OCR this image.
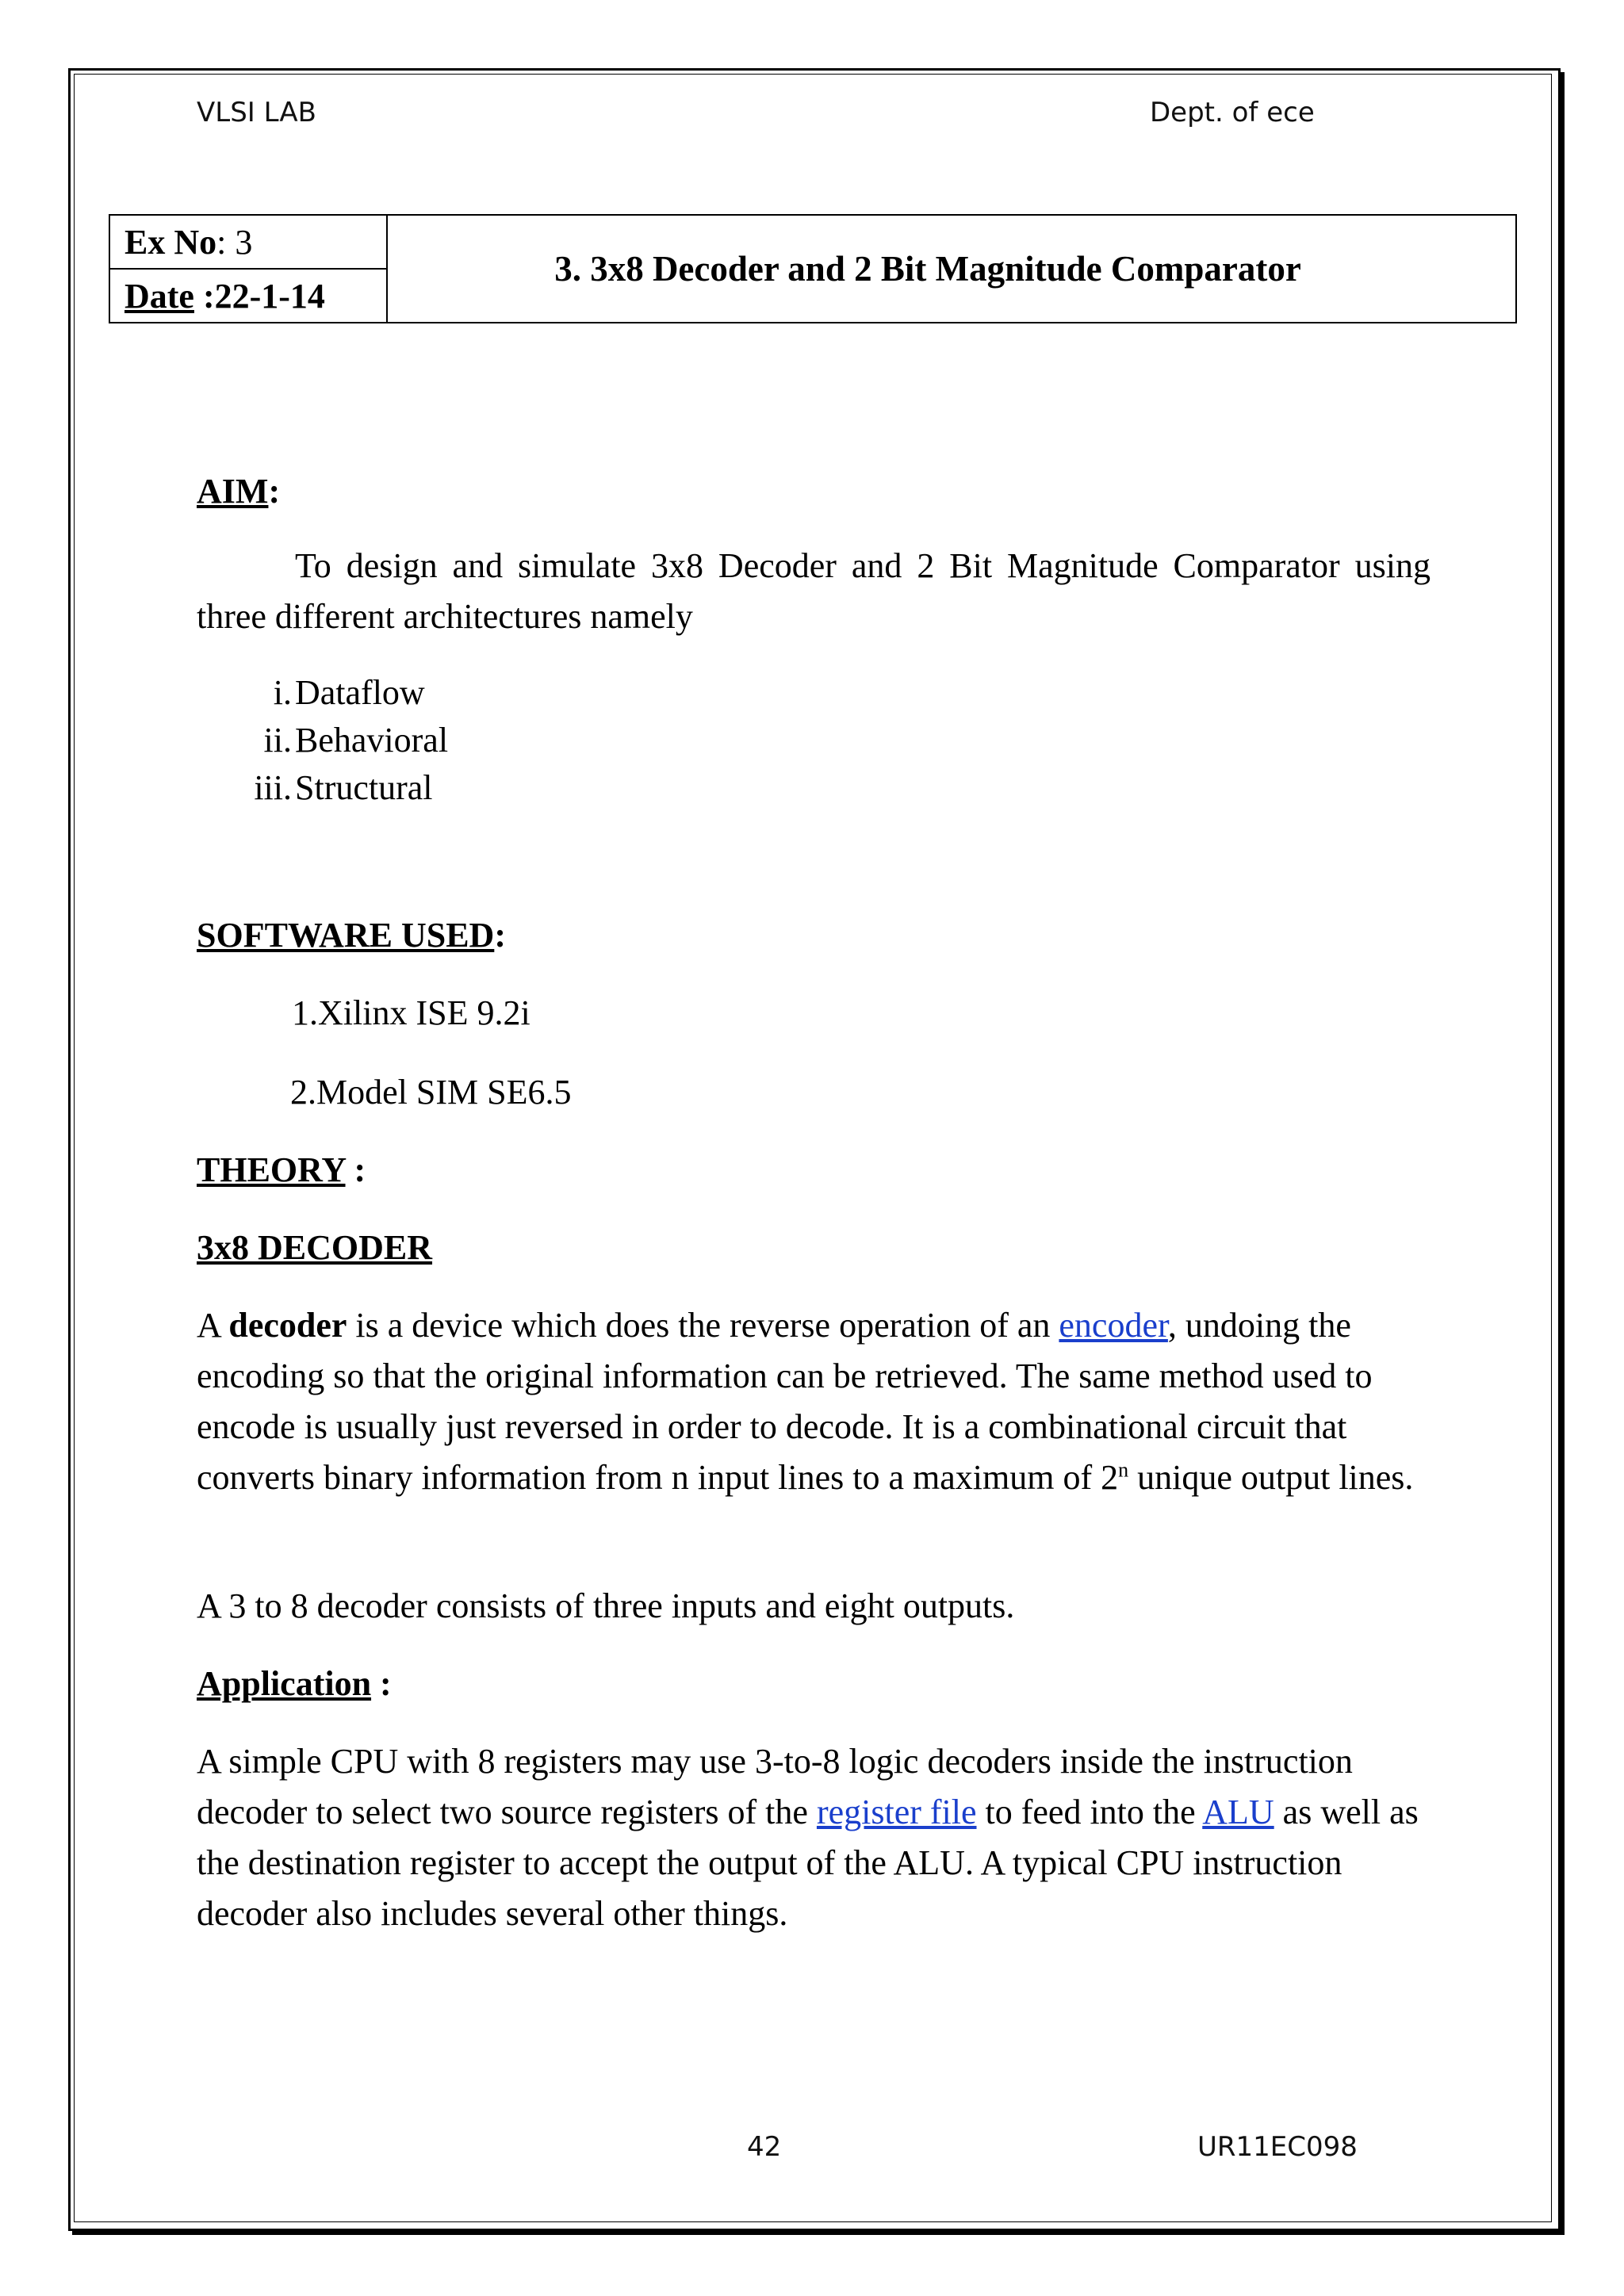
VLSI LAB	Dept. of ece
Ex No: 3	3. 3x8 Decoder and 2 Bit Magnitude Comparator
Date :22-1-14
AIM:
To design and simulate 3x8 Decoder and 2 Bit Magnitude Comparator using three different architectures namely
i. Dataflow
ii. Behavioral
iii. Structural
SOFTWARE USED:
1.Xilinx ISE 9.2i
2.Model SIM SE6.5
THEORY :
3x8 DECODER
A decoder is a device which does the reverse operation of an encoder, undoing the encoding so that the original information can be retrieved. The same method used to encode is usually just reversed in order to decode. It is a combinational circuit that converts binary information from n input lines to a maximum of 2$^n$ unique output lines.
A 3 to 8 decoder consists of three inputs and eight outputs.
Application :
A simple CPU with 8 registers may use 3-to-8 logic decoders inside the instruction decoder to select two source registers of the register file to feed into the ALU as well as the destination register to accept the output of the ALU. A typical CPU instruction decoder also includes several other things.
42	UR11EC098
